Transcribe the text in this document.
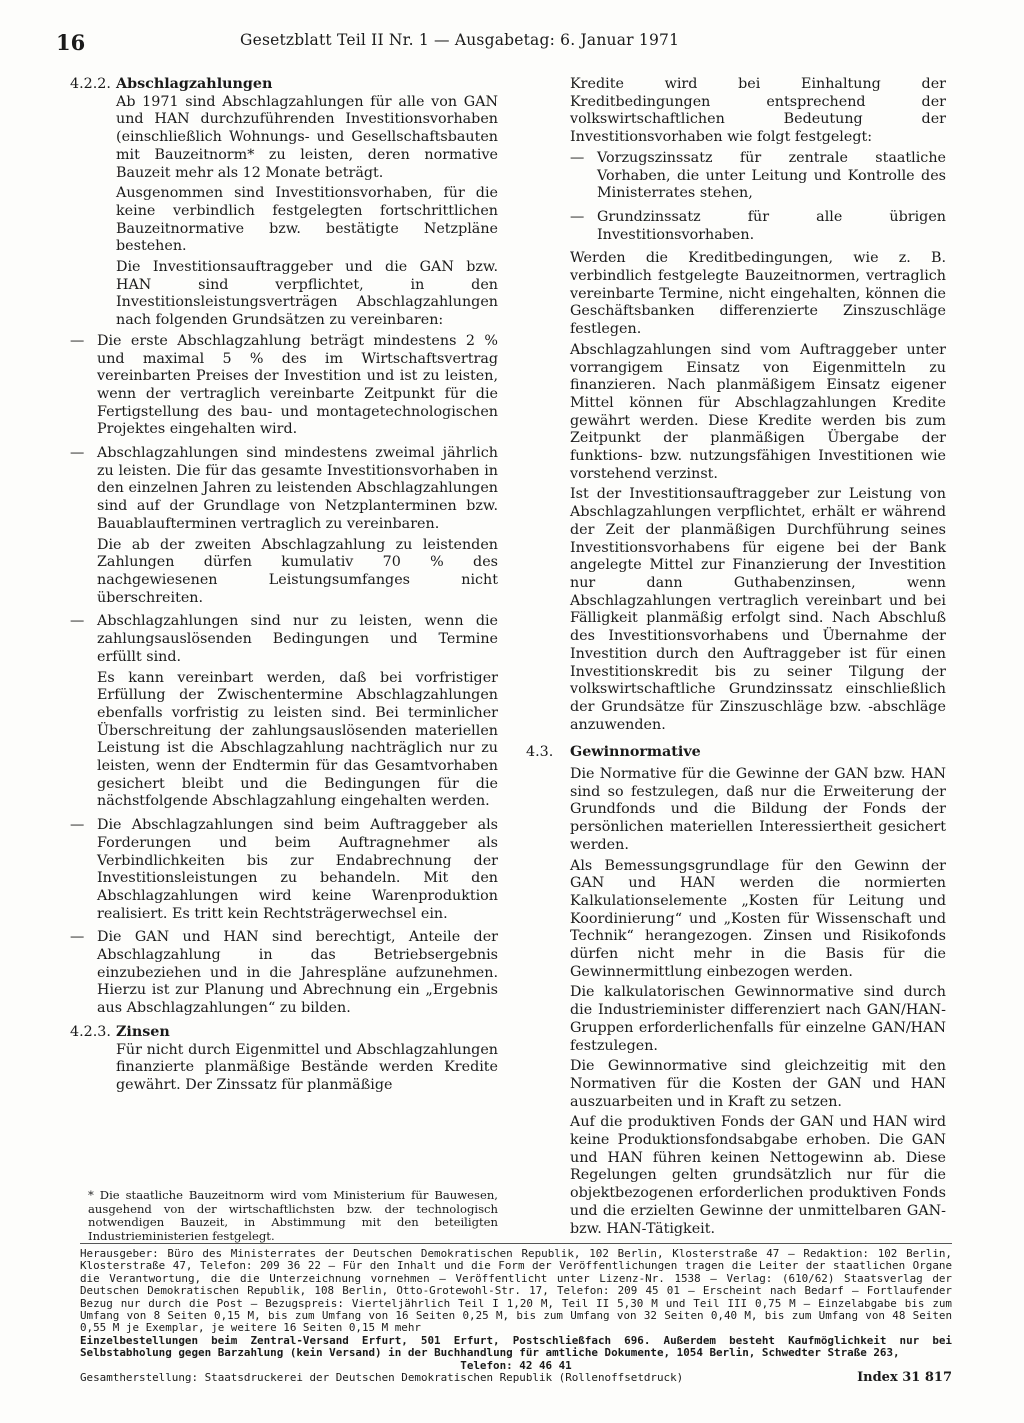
16	Gesetzblatt Teil II Nr. 1 — Ausgabetag: 6. Januar 1971
4.2.2. Abschlagzahlungen

Ab 1971 sind Abschlagzahlungen für alle von GAN und HAN durchzuführenden Investitionsvorhaben (einschließlich Wohnungs- und Gesellschaftsbauten mit Bauzeitnorm* zu leisten, deren normative Bauzeit mehr als 12 Monate beträgt.

Ausgenommen sind Investitionsvorhaben, für die keine verbindlich festgelegten fortschrittlichen Bauzeitnormative bzw. bestätigte Netzpläne bestehen.

Die Investitionsauftraggeber und die GAN bzw. HAN sind verpflichtet, in den Investitionsleistungsverträgen Abschlagzahlungen nach folgenden Grundsätzen zu vereinbaren:

— Die erste Abschlagzahlung beträgt mindestens 2 % und maximal 5 % des im Wirtschaftsvertrag vereinbarten Preises der Investition und ist zu leisten, wenn der vertraglich vereinbarte Zeitpunkt für die Fertigstellung des bau- und montagetechnologischen Projektes eingehalten wird.

— Abschlagzahlungen sind mindestens zweimal jährlich zu leisten. Die für das gesamte Investitionsvorhaben in den einzelnen Jahren zu leistenden Abschlagzahlungen sind auf der Grundlage von Netzplanterminen bzw. Bauablaufterminen vertraglich zu vereinbaren.

Die ab der zweiten Abschlagzahlung zu leistenden Zahlungen dürfen kumulativ 70 % des nachgewiesenen Leistungsumfanges nicht überschreiten.

— Abschlagzahlungen sind nur zu leisten, wenn die zahlungsauslösenden Bedingungen und Termine erfüllt sind.

Es kann vereinbart werden, daß bei vorfristiger Erfüllung der Zwischentermine Abschlagzahlungen ebenfalls vorfristig zu leisten sind. Bei terminlicher Überschreitung der zahlungsauslösenden materiellen Leistung ist die Abschlagzahlung nachträglich nur zu leisten, wenn der Endtermin für das Gesamtvorhaben gesichert bleibt und die Bedingungen für die nächstfolgende Abschlagzahlung eingehalten werden.

— Die Abschlagzahlungen sind beim Auftraggeber als Forderungen und beim Auftragnehmer als Verbindlichkeiten bis zur Endabrechnung der Investitionsleistungen zu behandeln. Mit den Abschlagzahlungen wird keine Warenproduktion realisiert. Es tritt kein Rechtsträgerwechsel ein.

— Die GAN und HAN sind berechtigt, Anteile der Abschlagzahlung in das Betriebsergebnis einzubeziehen und in die Jahrespläne aufzunehmen. Hierzu ist zur Planung und Abrechnung ein „Ergebnis aus Abschlagzahlungen“ zu bilden.

4.2.3. Zinsen

Für nicht durch Eigenmittel und Abschlagzahlungen finanzierte planmäßige Bestände werden Kredite gewährt. Der Zinssatz für planmäßige

Kredite wird bei Einhaltung der Kreditbedingungen entsprechend der volkswirtschaftlichen Bedeutung der Investitionsvorhaben wie folgt festgelegt:

— Vorzugszinssatz für zentrale staatliche Vorhaben, die unter Leitung und Kontrolle des Ministerrates stehen,

— Grundzinssatz für alle übrigen Investitionsvorhaben.

Werden die Kreditbedingungen, wie z. B. verbindlich festgelegte Bauzeitnormen, vertraglich vereinbarte Termine, nicht eingehalten, können die Geschäftsbanken differenzierte Zinszuschläge festlegen.

Abschlagzahlungen sind vom Auftraggeber unter vorrangigem Einsatz von Eigenmitteln zu finanzieren. Nach planmäßigem Einsatz eigener Mittel können für Abschlagzahlungen Kredite gewährt werden. Diese Kredite werden bis zum Zeitpunkt der planmäßigen Übergabe der funktions- bzw. nutzungsfähigen Investitionen wie vorstehend verzinst.

Ist der Investitionsauftraggeber zur Leistung von Abschlagzahlungen verpflichtet, erhält er während der Zeit der planmäßigen Durchführung seines Investitionsvorhabens für eigene bei der Bank angelegte Mittel zur Finanzierung der Investition nur dann Guthabenzinsen, wenn Abschlagzahlungen vertraglich vereinbart und bei Fälligkeit planmäßig erfolgt sind. Nach Abschluß des Investitionsvorhabens und Übernahme der Investition durch den Auftraggeber ist für einen Investitionskredit bis zu seiner Tilgung der volkswirtschaftliche Grundzinssatz einschließlich der Grundsätze für Zinszuschläge bzw. -abschläge anzuwenden.

4.3.	Gewinnormative

Die Normative für die Gewinne der GAN bzw. HAN sind so festzulegen, daß nur die Erweiterung der Grundfonds und die Bildung der Fonds der persönlichen materiellen Interessiertheit gesichert werden.

Als Bemessungsgrundlage für den Gewinn der GAN und HAN werden die normierten Kalkulationselemente „Kosten für Leitung und Koordinierung“ und „Kosten für Wissenschaft und Technik“ herangezogen. Zinsen und Risikofonds dürfen nicht mehr in die Basis für die Gewinnermittlung einbezogen werden.

Die kalkulatorischen Gewinnormative sind durch die Industrieminister differenziert nach GAN/HAN-Gruppen erforderlichenfalls für einzelne GAN/HAN festzulegen.

Die Gewinnormative sind gleichzeitig mit den Normativen für die Kosten der GAN und HAN auszuarbeiten und in Kraft zu setzen.

Auf die produktiven Fonds der GAN und HAN wird keine Produktionsfondsabgabe erhoben. Die GAN und HAN führen keinen Nettogewinn ab. Diese Regelungen gelten grundsätzlich nur für die objektbezogenen erforderlichen produktiven Fonds und die erzielten Gewinne der unmittelbaren GAN- bzw. HAN-Tätigkeit.

* Die staatliche Bauzeitnorm wird vom Ministerium für Bauwesen, ausgehend von der wirtschaftlichsten bzw. der technologisch notwendigen Bauzeit, in Abstimmung mit den beteiligten Industrieministerien festgelegt.

Herausgeber: Büro des Ministerrates der Deutschen Demokratischen Republik, 102 Berlin, Klosterstraße 47 – Redaktion: 102 Berlin, Klosterstraße 47, Telefon: 209 36 22 – Für den Inhalt und die Form der Veröffentlichungen tragen die Leiter der staatlichen Organe die Verantwortung, die die Unterzeichnung vornehmen – Veröffentlicht unter Lizenz-Nr. 1538 – Verlag: (610/62) Staatsverlag der Deutschen Demokratischen Republik, 108 Berlin, Otto-Grotewohl-Str. 17, Telefon: 209 45 01 – Erscheint nach Bedarf – Fortlaufender Bezug nur durch die Post – Bezugspreis: Vierteljährlich Teil I 1,20 M, Teil II 5,30 M und Teil III 0,75 M – Einzelabgabe bis zum Umfang von 8 Seiten 0,15 M, bis zum Umfang von 16 Seiten 0,25 M, bis zum Umfang von 32 Seiten 0,40 M, bis zum Umfang von 48 Seiten 0,55 M je Exemplar, je weitere 16 Seiten 0,15 M mehr

Einzelbestellungen beim Zentral-Versand Erfurt, 501 Erfurt, Postschließfach 696. Außerdem besteht Kaufmöglichkeit nur bei Selbstabholung gegen Barzahlung (kein Versand) in der Buchhandlung für amtliche Dokumente, 1054 Berlin, Schwedter Straße 263,

Telefon: 42 46 41

Gesamtherstellung: Staatsdruckerei der Deutschen Demokratischen Republik (Rollenoffsetdruck)	Index 31 817
